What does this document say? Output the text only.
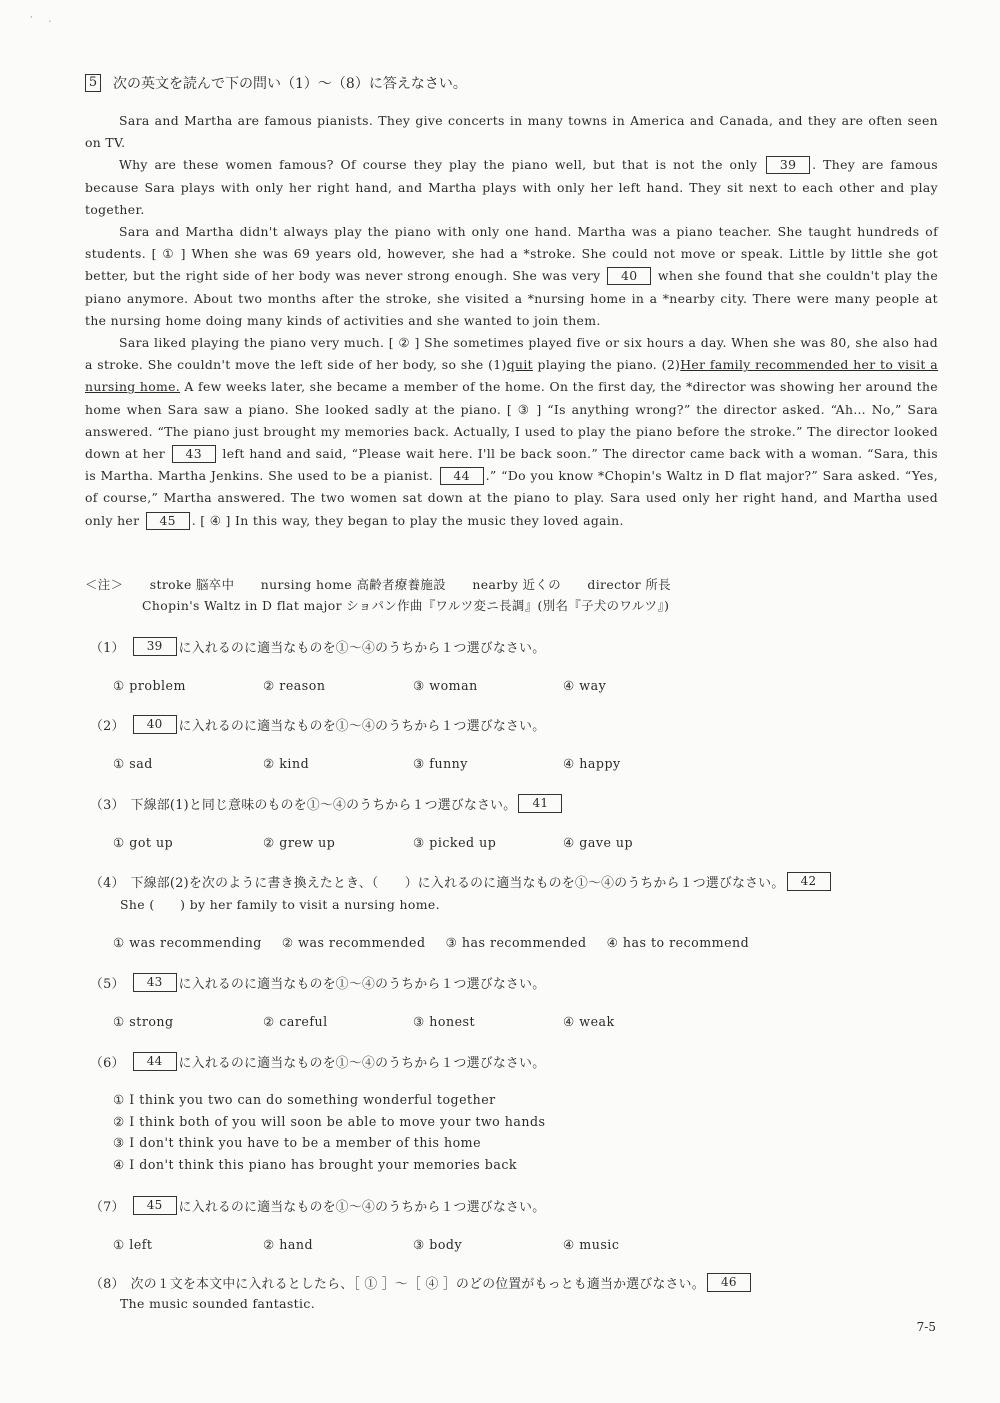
·　　ˏ
5 次の英文を読んで下の問い（1）～（8）に答えなさい。

Sara and Martha are famous pianists. They give concerts in many towns in America and Canada, and they are often seen on TV.

Why are these women famous? Of course they play the piano well, but that is not the only 39 . They are famous because Sara plays with only her right hand, and Martha plays with only her left hand. They sit next to each other and play together.

Sara and Martha didn't always play the piano with only one hand. Martha was a piano teacher. She taught hundreds of students. [ ① ] When she was 69 years old, however, she had a *stroke. She could not move or speak. Little by little she got better, but the right side of her body was never strong enough. She was very 40 when she found that she couldn't play the piano anymore. About two months after the stroke, she visited a *nursing home in a *nearby city. There were many people at the nursing home doing many kinds of activities and she wanted to join them.

Sara liked playing the piano very much. [ ② ] She sometimes played five or six hours a day. When she was 80, she also had a stroke. She couldn't move the left side of her body, so she (1)quit playing the piano. (2)Her family recommended her to visit a nursing home. A few weeks later, she became a member of the home. On the first day, the *director was showing her around the home when Sara saw a piano. She looked sadly at the piano. [ ③ ] “Is anything wrong?” the director asked. “Ah… No,” Sara answered. “The piano just brought my memories back. Actually, I used to play the piano before the stroke.” The director looked down at her 43 left hand and said, “Please wait here. I'll be back soon.” The director came back with a woman. “Sara, this is Martha. Martha Jenkins. She used to be a pianist. 44 .” “Do you know *Chopin's Waltz in D flat major?” Sara asked. “Yes, of course,” Martha answered. The two women sat down at the piano to play. Sara used only her right hand, and Martha used only her 45 . [ ④ ] In this way, they began to play the music they loved again.

＜注＞ stroke 脳卒中 nursing home 高齢者療養施設 nearby 近くの director 所長
Chopin's Waltz in D flat major ショパン作曲『ワルツ変ニ長調』(別名『子犬のワルツ』)
（1）	39	に入れるのに適当なものを①～④のうちから１つ選びなさい。
① problem	② reason	③ woman	④ way
（2）	40	に入れるのに適当なものを①～④のうちから１つ選びなさい。
① sad	② kind	③ funny	④ happy
（3） 下線部(1)と同じ意味のものを①～④のうちから１つ選びなさい。	41
① got up	② grew up	③ picked up	④ gave up
（4） 下線部(2)を次のように書き換えたとき、（　　）に入れるのに適当なものを①～④のうちから１つ選びなさい。	42
She (　　) by her family to visit a nursing home.
① was recommending ② was recommended ③ has recommended ④ has to recommend
（5）	43	に入れるのに適当なものを①～④のうちから１つ選びなさい。
① strong	② careful	③ honest	④ weak
（6）	44	に入れるのに適当なものを①～④のうちから１つ選びなさい。
① I think you two can do something wonderful together
② I think both of you will soon be able to move your two hands
③ I don't think you have to be a member of this home
④ I don't think this piano has brought your memories back
（7）	45	に入れるのに適当なものを①～④のうちから１つ選びなさい。
① left	② hand	③ body	④ music
（8） 次の１文を本文中に入れるとしたら、［ ① ］～［ ④ ］のどの位置がもっとも適当か選びなさい。	46
The music sounded fantastic.
7-5
